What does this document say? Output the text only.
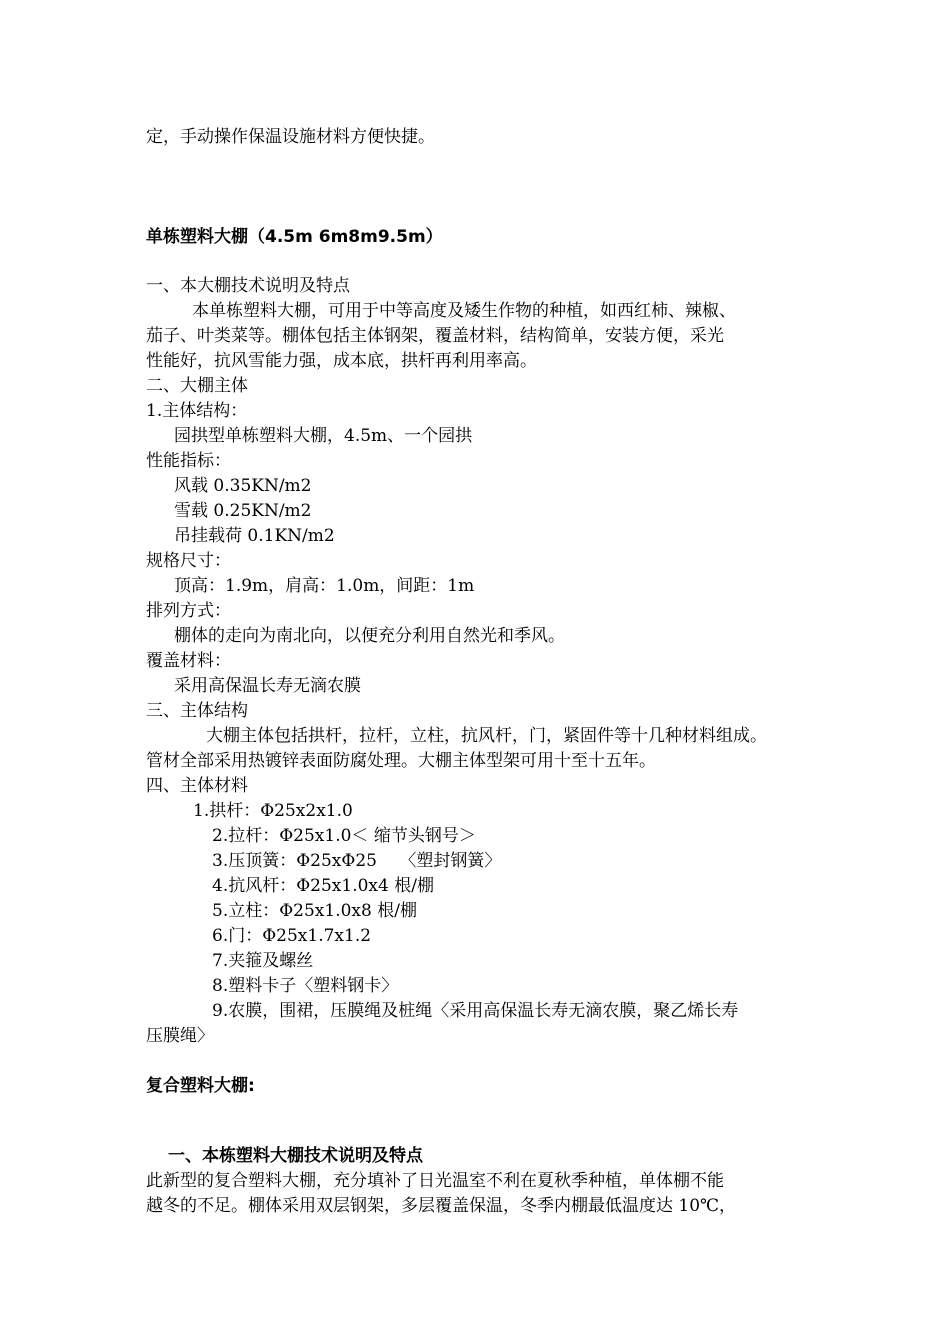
定，手动操作保温设施材料方便快捷。
单栋塑料大棚（4.5m 6m8m9.5m）
一、本大棚技术说明及特点
本单栋塑料大棚，可用于中等高度及矮生作物的种植，如西红柿、辣椒、
茄子、叶类菜等。棚体包括主体钢架，覆盖材料，结构简单，安装方便，采光
性能好，抗风雪能力强，成本底，拱杆再利用率高。
二、大棚主体
1.主体结构：
园拱型单栋塑料大棚，4.5m、一个园拱
性能指标：
风载 0.35KN/m2
雪载 0.25KN/m2
吊挂载荷 0.1KN/m2
规格尺寸：
顶高：1.9m，肩高：1.0m，间距：1m
排列方式：
棚体的走向为南北向，以便充分利用自然光和季风。
覆盖材料：
采用高保温长寿无滴农膜
三、主体结构
大棚主体包括拱杆，拉杆，立柱，抗风杆，门，紧固件等十几种材料组成。
管材全部采用热镀锌表面防腐处理。大棚主体型架可用十至十五年。
四、主体材料
1.拱杆：Φ25x2x1.0
2.拉杆：Φ25x1.0＜ 缩节头钢号＞
3.压顶簧：Φ25xΦ25　 〈塑封钢簧〉
4.抗风杆：Φ25x1.0x4 根/棚
5.立柱：Φ25x1.0x8 根/棚
6.门：Φ25x1.7x1.2
7.夹箍及螺丝
8.塑料卡子〈塑料钢卡〉
9.农膜，围裙，压膜绳及桩绳〈采用高保温长寿无滴农膜，聚乙烯长寿
压膜绳〉
复合塑料大棚:
一、本栋塑料大棚技术说明及特点
此新型的复合塑料大棚，充分填补了日光温室不利在夏秋季种植，单体棚不能
越冬的不足。棚体采用双层钢架，多层覆盖保温，冬季内棚最低温度达 10℃，
